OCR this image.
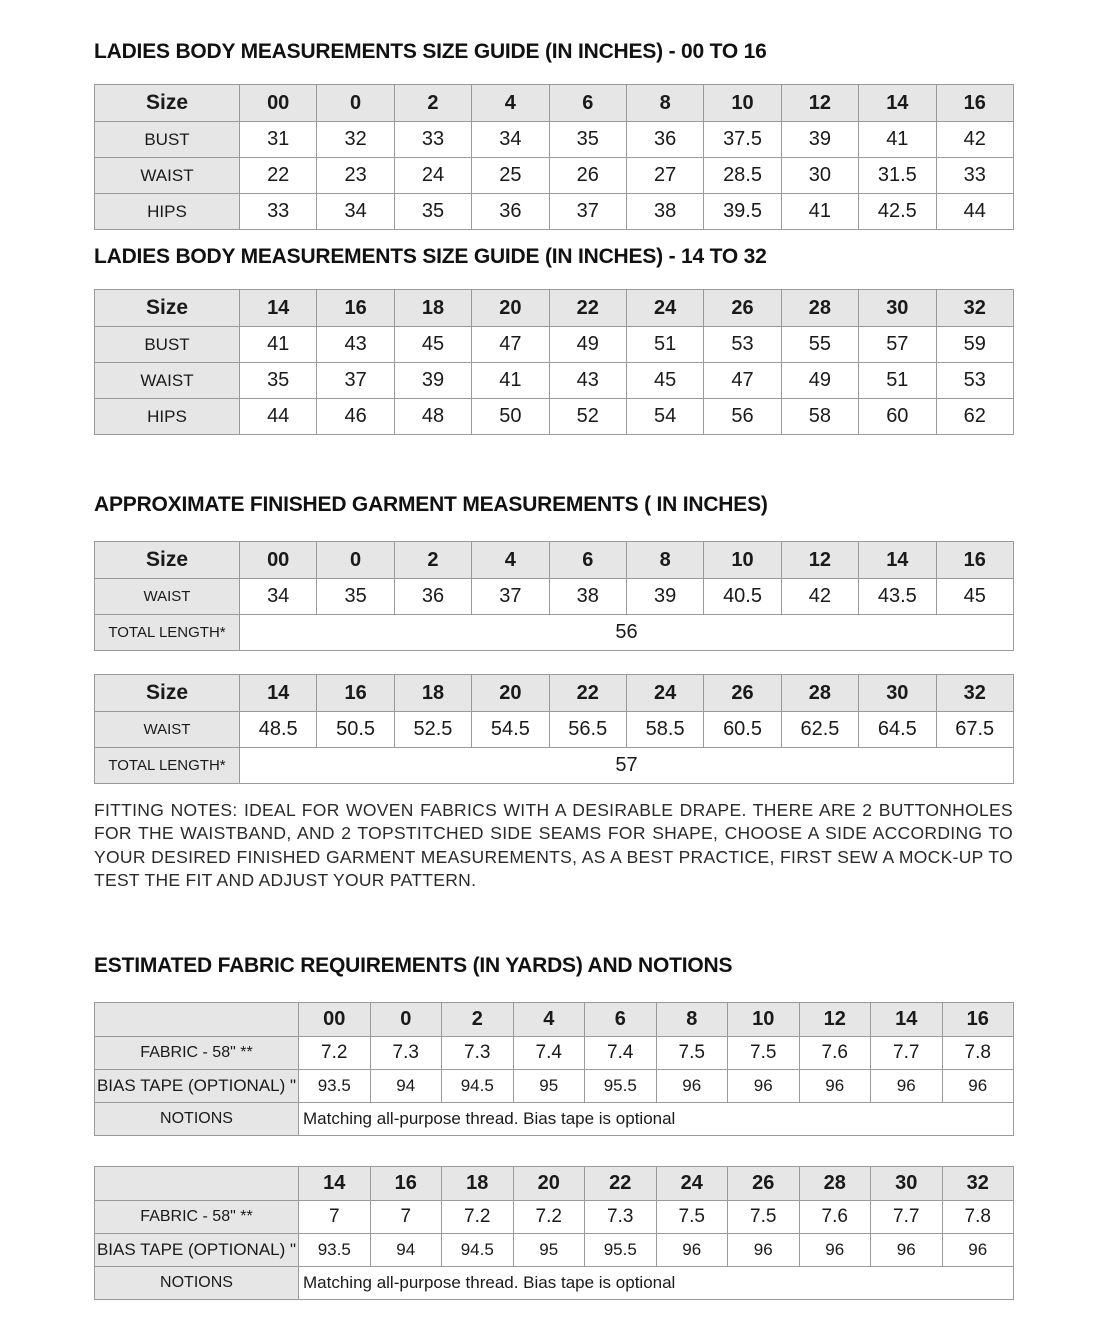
LADIES BODY MEASUREMENTS SIZE GUIDE (IN INCHES) - 00 TO 16
Size	00	0	2	4	6	8	10	12	14	16
BUST	31	32	33	34	35	36	37.5	39	41	42
WAIST	22	23	24	25	26	27	28.5	30	31.5	33
HIPS	33	34	35	36	37	38	39.5	41	42.5	44
LADIES BODY MEASUREMENTS SIZE GUIDE (IN INCHES) - 14 TO 32
Size	14	16	18	20	22	24	26	28	30	32
BUST	41	43	45	47	49	51	53	55	57	59
WAIST	35	37	39	41	43	45	47	49	51	53
HIPS	44	46	48	50	52	54	56	58	60	62
APPROXIMATE FINISHED GARMENT MEASUREMENTS ( IN INCHES)
Size	00	0	2	4	6	8	10	12	14	16
WAIST	34	35	36	37	38	39	40.5	42	43.5	45
TOTAL LENGTH*	56									
Size	14	16	18	20	22	24	26	28	30	32
WAIST	48.5	50.5	52.5	54.5	56.5	58.5	60.5	62.5	64.5	67.5
TOTAL LENGTH*	57									

FITTING NOTES: IDEAL FOR WOVEN FABRICS WITH A DESIRABLE DRAPE. THERE ARE 2 BUTTONHOLES FOR THE WAISTBAND, AND 2 TOPSTITCHED SIDE SEAMS FOR SHAPE, CHOOSE A SIDE ACCORDING TO YOUR DESIRED FINISHED GARMENT MEASUREMENTS, AS A BEST PRACTICE, FIRST SEW A MOCK-UP TO TEST THE FIT AND ADJUST YOUR PATTERN.

ESTIMATED FABRIC REQUIREMENTS (IN YARDS) AND NOTIONS
	00	0	2	4	6	8	10	12	14	16
FABRIC - 58" **	7.2	7.3	7.3	7.4	7.4	7.5	7.5	7.6	7.7	7.8
BIAS TAPE (OPTIONAL) "	93.5	94	94.5	95	95.5	96	96	96	96	96
NOTIONS	Matching all-purpose thread. Bias tape is optional									
	14	16	18	20	22	24	26	28	30	32
FABRIC - 58" **	7	7	7.2	7.2	7.3	7.5	7.5	7.6	7.7	7.8
BIAS TAPE (OPTIONAL) "	93.5	94	94.5	95	95.5	96	96	96	96	96
NOTIONS	Matching all-purpose thread. Bias tape is optional									
